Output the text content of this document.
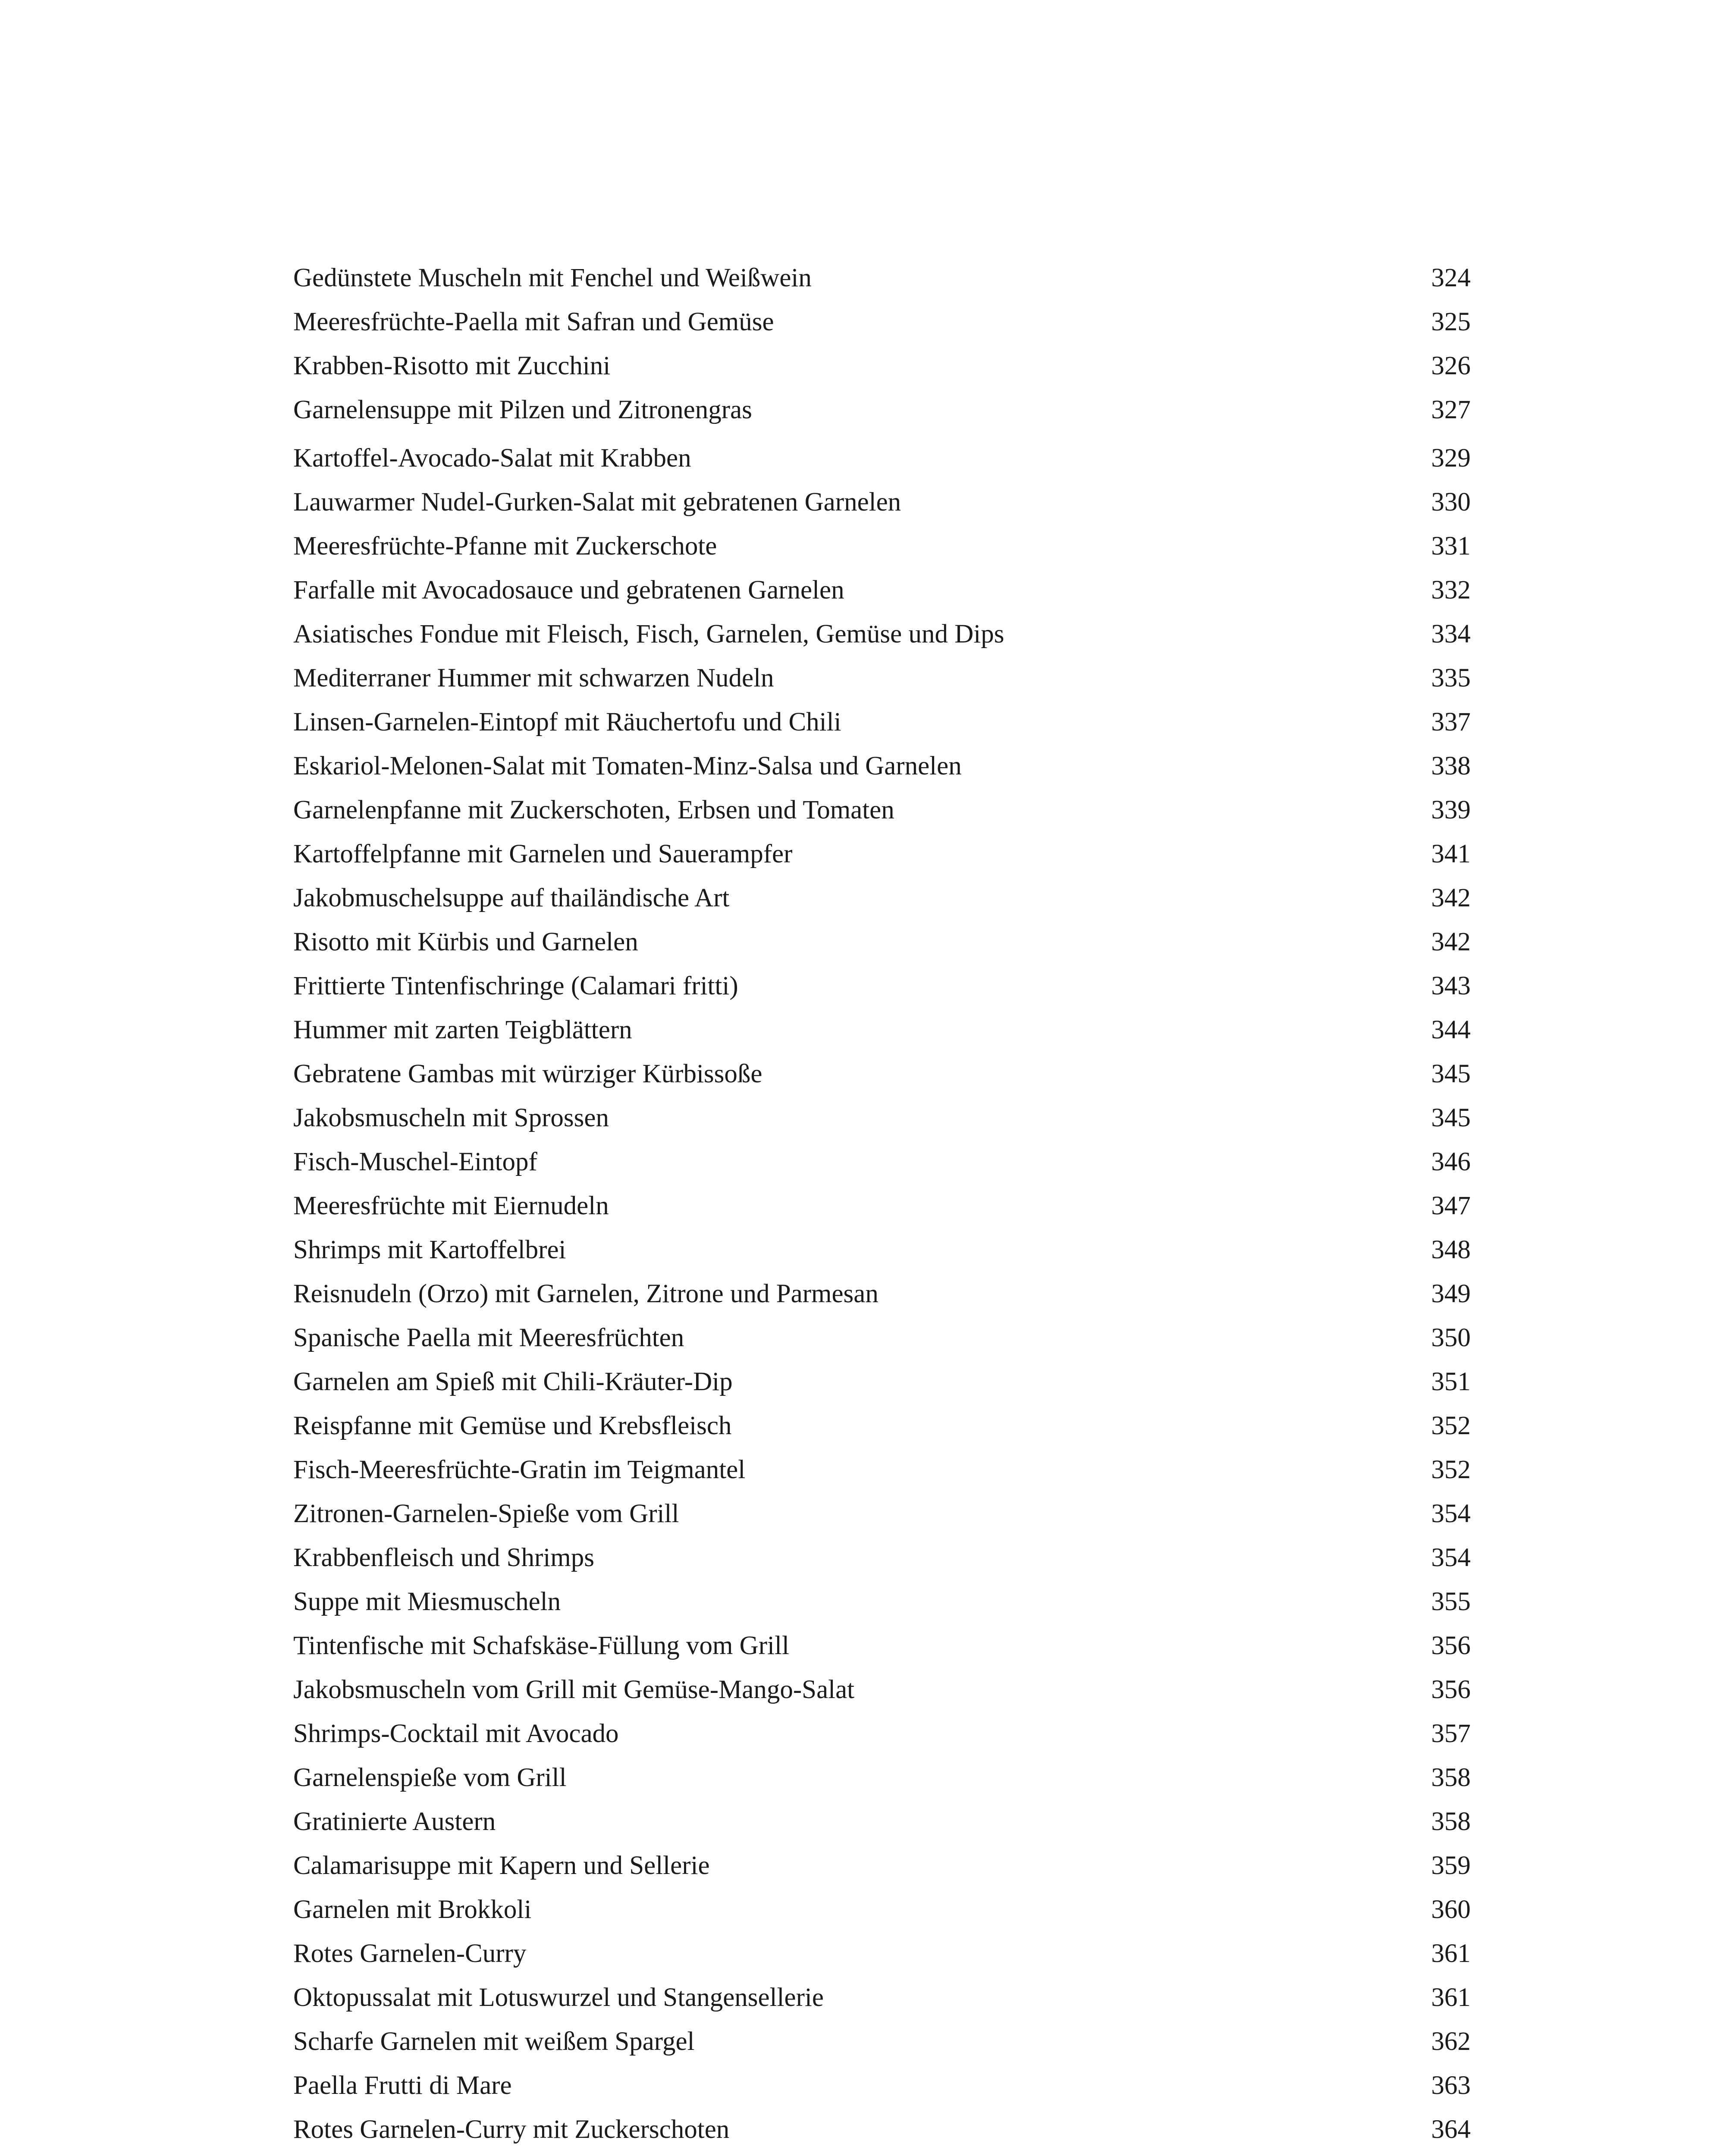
Gedünstete Muscheln mit Fenchel und Weißwein	324
Meeresfrüchte-Paella mit Safran und Gemüse	325
Krabben-Risotto mit Zucchini	326
Garnelensuppe mit Pilzen und Zitronengras	327
Kartoffel-Avocado-Salat mit Krabben	329
Lauwarmer Nudel-Gurken-Salat mit gebratenen Garnelen	330
Meeresfrüchte-Pfanne mit Zuckerschote	331
Farfalle mit Avocadosauce und gebratenen Garnelen	332
Asiatisches Fondue mit Fleisch, Fisch, Garnelen, Gemüse und Dips	334
Mediterraner Hummer mit schwarzen Nudeln	335
Linsen-Garnelen-Eintopf mit Räuchertofu und Chili	337
Eskariol-Melonen-Salat mit Tomaten-Minz-Salsa und Garnelen	338
Garnelenpfanne mit Zuckerschoten, Erbsen und Tomaten	339
Kartoffelpfanne mit Garnelen und Sauerampfer	341
Jakobmuschelsuppe auf thailändische Art	342
Risotto mit Kürbis und Garnelen	342
Frittierte Tintenfischringe (Calamari fritti)	343
Hummer mit zarten Teigblättern	344
Gebratene Gambas mit würziger Kürbissoße	345
Jakobsmuscheln mit Sprossen	345
Fisch-Muschel-Eintopf	346
Meeresfrüchte mit Eiernudeln	347
Shrimps mit Kartoffelbrei	348
Reisnudeln (Orzo) mit Garnelen, Zitrone und Parmesan	349
Spanische Paella mit Meeresfrüchten	350
Garnelen am Spieß mit Chili-Kräuter-Dip	351
Reispfanne mit Gemüse und Krebsfleisch	352
Fisch-Meeresfrüchte-Gratin im Teigmantel	352
Zitronen-Garnelen-Spieße vom Grill	354
Krabbenfleisch und Shrimps	354
Suppe mit Miesmuscheln	355
Tintenfische mit Schafskäse-Füllung vom Grill	356
Jakobsmuscheln vom Grill mit Gemüse-Mango-Salat	356
Shrimps-Cocktail mit Avocado	357
Garnelenspieße vom Grill	358
Gratinierte Austern	358
Calamarisuppe mit Kapern und Sellerie	359
Garnelen mit Brokkoli	360
Rotes Garnelen-Curry	361
Oktopussalat mit Lotuswurzel und Stangensellerie	361
Scharfe Garnelen mit weißem Spargel	362
Paella Frutti di Mare	363
Rotes Garnelen-Curry mit Zuckerschoten	364
